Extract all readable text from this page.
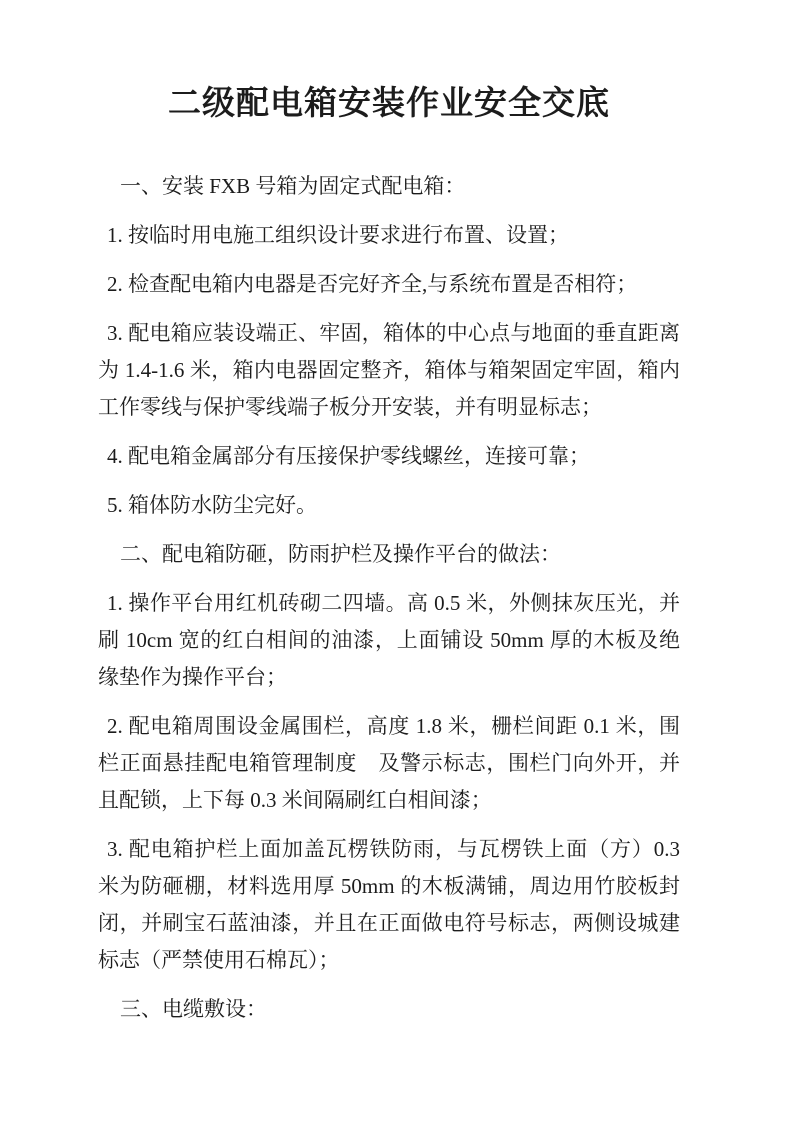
二级配电箱安装作业安全交底

一、安装 FXB 号箱为固定式配电箱：

1. 按临时用电施工组织设计要求进行布置、设置；

2. 检查配电箱内电器是否完好齐全,与系统布置是否相符；

3. 配电箱应装设端正、牢固，箱体的中心点与地面的垂直距离为 1.4-1.6 米，箱内电器固定整齐，箱体与箱架固定牢固，箱内工作零线与保护零线端子板分开安装，并有明显标志；

4. 配电箱金属部分有压接保护零线螺丝，连接可靠；

5. 箱体防水防尘完好。

二、配电箱防砸，防雨护栏及操作平台的做法：

1. 操作平台用红机砖砌二四墙。高 0.5 米，外侧抹灰压光，并刷 10cm 宽的红白相间的油漆，上面铺设 50mm 厚的木板及绝缘垫作为操作平台；

2. 配电箱周围设金属围栏，高度 1.8 米，栅栏间距 0.1 米，围栏正面悬挂配电箱管理制度　及警示标志，围栏门向外开，并且配锁，上下每 0.3 米间隔刷红白相间漆；

3. 配电箱护栏上面加盖瓦楞铁防雨，与瓦楞铁上面（方）0.3 米为防砸棚，材料选用厚 50mm 的木板满铺，周边用竹胶板封闭，并刷宝石蓝油漆，并且在正面做电符号标志，两侧设城建标志（严禁使用石棉瓦）；

三、电缆敷设：
